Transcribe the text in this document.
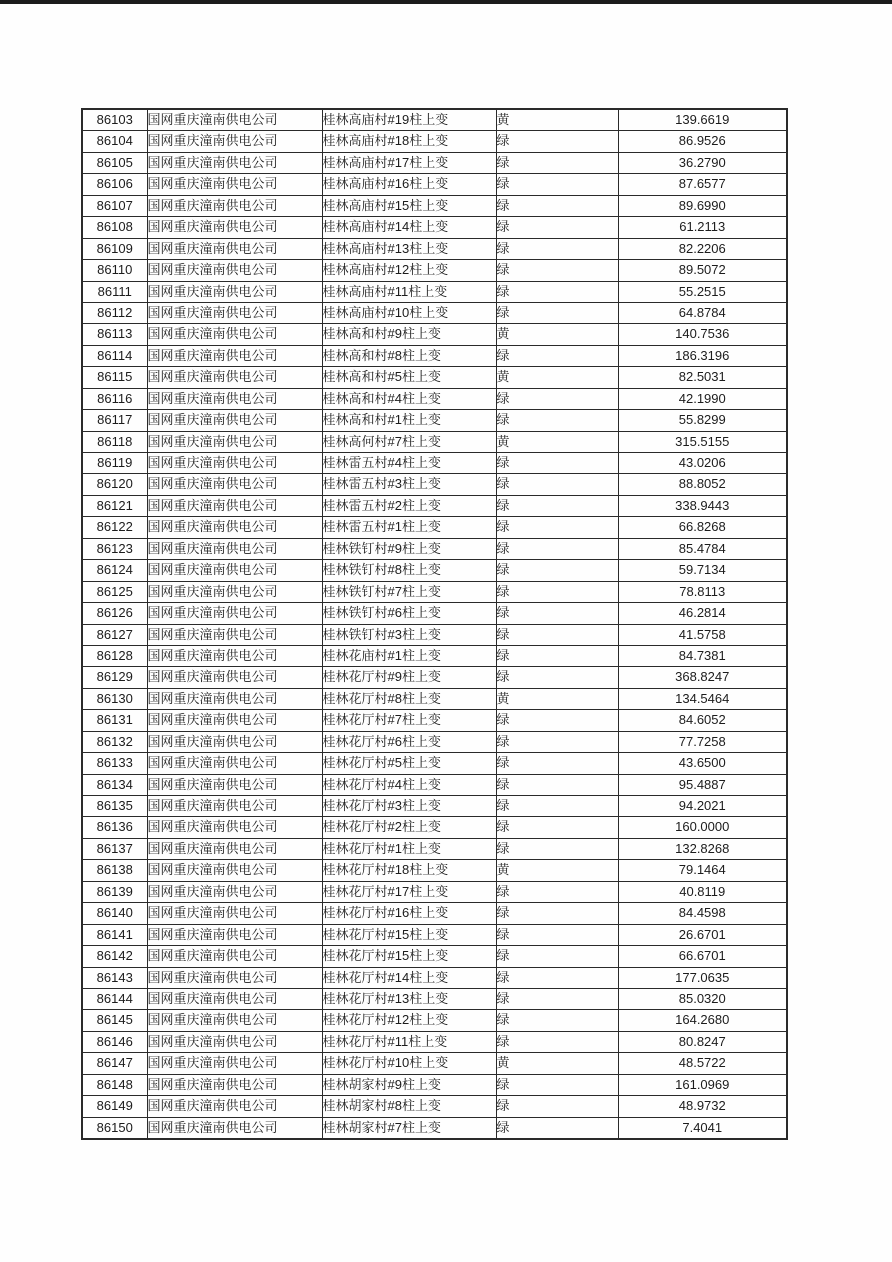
86103	国网重庆潼南供电公司	桂林高庙村#19柱上变	黄	139.6619
86104	国网重庆潼南供电公司	桂林高庙村#18柱上变	绿	86.9526
86105	国网重庆潼南供电公司	桂林高庙村#17柱上变	绿	36.2790
86106	国网重庆潼南供电公司	桂林高庙村#16柱上变	绿	87.6577
86107	国网重庆潼南供电公司	桂林高庙村#15柱上变	绿	89.6990
86108	国网重庆潼南供电公司	桂林高庙村#14柱上变	绿	61.2113
86109	国网重庆潼南供电公司	桂林高庙村#13柱上变	绿	82.2206
86110	国网重庆潼南供电公司	桂林高庙村#12柱上变	绿	89.5072
86111	国网重庆潼南供电公司	桂林高庙村#11柱上变	绿	55.2515
86112	国网重庆潼南供电公司	桂林高庙村#10柱上变	绿	64.8784
86113	国网重庆潼南供电公司	桂林高和村#9柱上变	黄	140.7536
86114	国网重庆潼南供电公司	桂林高和村#8柱上变	绿	186.3196
86115	国网重庆潼南供电公司	桂林高和村#5柱上变	黄	82.5031
86116	国网重庆潼南供电公司	桂林高和村#4柱上变	绿	42.1990
86117	国网重庆潼南供电公司	桂林高和村#1柱上变	绿	55.8299
86118	国网重庆潼南供电公司	桂林高何村#7柱上变	黄	315.5155
86119	国网重庆潼南供电公司	桂林雷五村#4柱上变	绿	43.0206
86120	国网重庆潼南供电公司	桂林雷五村#3柱上变	绿	88.8052
86121	国网重庆潼南供电公司	桂林雷五村#2柱上变	绿	338.9443
86122	国网重庆潼南供电公司	桂林雷五村#1柱上变	绿	66.8268
86123	国网重庆潼南供电公司	桂林铁钉村#9柱上变	绿	85.4784
86124	国网重庆潼南供电公司	桂林铁钉村#8柱上变	绿	59.7134
86125	国网重庆潼南供电公司	桂林铁钉村#7柱上变	绿	78.8113
86126	国网重庆潼南供电公司	桂林铁钉村#6柱上变	绿	46.2814
86127	国网重庆潼南供电公司	桂林铁钉村#3柱上变	绿	41.5758
86128	国网重庆潼南供电公司	桂林花庙村#1柱上变	绿	84.7381
86129	国网重庆潼南供电公司	桂林花厅村#9柱上变	绿	368.8247
86130	国网重庆潼南供电公司	桂林花厅村#8柱上变	黄	134.5464
86131	国网重庆潼南供电公司	桂林花厅村#7柱上变	绿	84.6052
86132	国网重庆潼南供电公司	桂林花厅村#6柱上变	绿	77.7258
86133	国网重庆潼南供电公司	桂林花厅村#5柱上变	绿	43.6500
86134	国网重庆潼南供电公司	桂林花厅村#4柱上变	绿	95.4887
86135	国网重庆潼南供电公司	桂林花厅村#3柱上变	绿	94.2021
86136	国网重庆潼南供电公司	桂林花厅村#2柱上变	绿	160.0000
86137	国网重庆潼南供电公司	桂林花厅村#1柱上变	绿	132.8268
86138	国网重庆潼南供电公司	桂林花厅村#18柱上变	黄	79.1464
86139	国网重庆潼南供电公司	桂林花厅村#17柱上变	绿	40.8119
86140	国网重庆潼南供电公司	桂林花厅村#16柱上变	绿	84.4598
86141	国网重庆潼南供电公司	桂林花厅村#15柱上变	绿	26.6701
86142	国网重庆潼南供电公司	桂林花厅村#15柱上变	绿	66.6701
86143	国网重庆潼南供电公司	桂林花厅村#14柱上变	绿	177.0635
86144	国网重庆潼南供电公司	桂林花厅村#13柱上变	绿	85.0320
86145	国网重庆潼南供电公司	桂林花厅村#12柱上变	绿	164.2680
86146	国网重庆潼南供电公司	桂林花厅村#11柱上变	绿	80.8247
86147	国网重庆潼南供电公司	桂林花厅村#10柱上变	黄	48.5722
86148	国网重庆潼南供电公司	桂林胡家村#9柱上变	绿	161.0969
86149	国网重庆潼南供电公司	桂林胡家村#8柱上变	绿	48.9732
86150	国网重庆潼南供电公司	桂林胡家村#7柱上变	绿	7.4041
